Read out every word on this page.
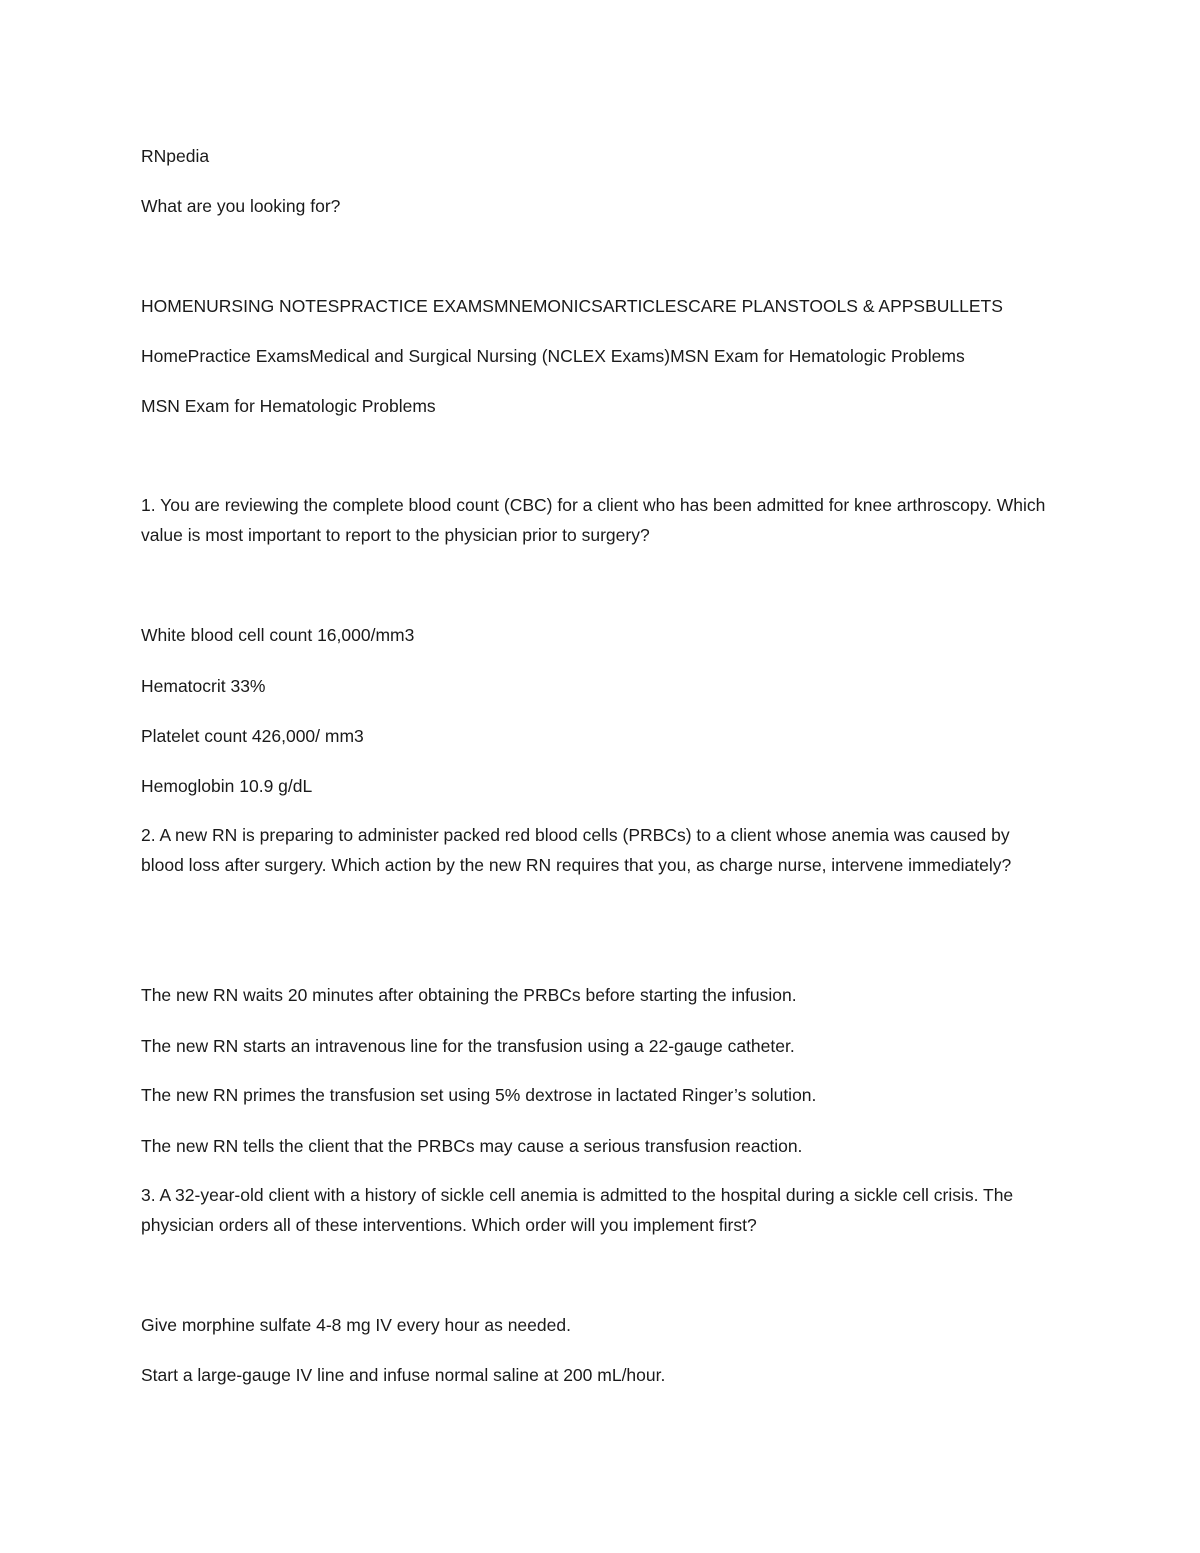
RNpedia
What are you looking for?
HOMENURSING NOTESPRACTICE EXAMSMNEMONICSARTICLESCARE PLANSTOOLS & APPSBULLETS
HomePractice ExamsMedical and Surgical Nursing (NCLEX Exams)MSN Exam for Hematologic Problems
MSN Exam for Hematologic Problems
1. You are reviewing the complete blood count (CBC) for a client who has been admitted for knee arthroscopy. Which value is most important to report to the physician prior to surgery?
White blood cell count 16,000/mm3
Hematocrit 33%
Platelet count 426,000/ mm3
Hemoglobin 10.9 g/dL
2. A new RN is preparing to administer packed red blood cells (PRBCs) to a client whose anemia was caused by blood loss after surgery. Which action by the new RN requires that you, as charge nurse, intervene immediately?
The new RN waits 20 minutes after obtaining the PRBCs before starting the infusion.
The new RN starts an intravenous line for the transfusion using a 22-gauge catheter.
The new RN primes the transfusion set using 5% dextrose in lactated Ringer’s solution.
The new RN tells the client that the PRBCs may cause a serious transfusion reaction.
3. A 32-year-old client with a history of sickle cell anemia is admitted to the hospital during a sickle cell crisis. The physician orders all of these interventions. Which order will you implement first?
Give morphine sulfate 4-8 mg IV every hour as needed.
Start a large-gauge IV line and infuse normal saline at 200 mL/hour.
